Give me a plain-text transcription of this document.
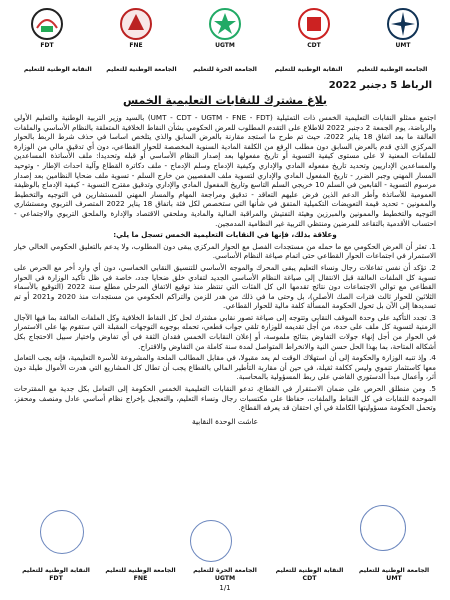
FDT	FNE	UGTM	CDT	UMT
الجامعة الوطنية للتعليم
النقابة الوطنية للتعليم
الجامعة الحرة للتعليم
الجامعة الوطنية للتعليم
النقابة الوطنية للتعليم
الرباط 5 دجنبر 2022
بلاغ مشترك للنقابات التعليمية الخمس

اجتمع ممثلو النقابات التعليمية الخمس ذات التمثيلية (UMT - CDT - UGTM - FNE - FDT) بالسيد وزير التربية الوطنية والتعليم الأولي والرياضة، يوم الجمعة 2 دجنبر 2022 للاطلاع على التقدم المطلوب للعرض الحكومي بشأن النقاط الخلافية المتعلقة بالنظام الأساسي والملفات العالقة ما بعد اتفاق 18 يناير 2022، حيث تم طرح ما استجد مقارنة بالعرض السابق والذي يتلخص اساسا في حذف شرط الربط بالحوار المركزي الذي قدم بالعرض السابق دون مطلب الرفع من الكلفة المادية السنوية المخصصة للحوار القطاعي، دون أي تدقيق مالي من الوزارة للملفات المعنية لا على مستوى كيفية التسوية أو تاريخ مفعولها بعد إصدار النظام الأساسي أو قبله وتحديدا: ملف الأساتذة المساعدين والمساعدين الإداريين وتحديد تاريخ مفعوله المادي والإداري وكيفية الإدماج وسلم الإدماج - ملف دكاترة القطاع وآلية احداث الإطار - وتوحيد المسار المهني وجبر الضرر - تاريخ المفعول المادي والإداري لتسوية ملف المقصيين من خارج السلم - تسوية ملف ضحايا النظامين بعد إصدار مرسوم التسوية - القابعين في السلم 10 خريجي السلم التاسع وتاريخ المفعول المادي والإداري وتدقيق مقترح التسوية - كيفية الإدماج بالوظيفة العمومية للأساتذة وأطر الدعم الذين فرض عليهم التعاقد - تدقيق ومراجعة المهام والمسار المهني للمستشارين في التوجيه والتخطيط والممونين - تحديد قيمة التعويضات التكميلية المتفق في شأنها التي ستخصص لكل فئة باتفاق 18 يناير 2022 المتصرف التربوي ومستشاري التوجيه والتخطيط والممونين والمبرزين وهيئة التفتيش والمراقبة المالية والمادية وملحقي الاقتصاد والإدارة والملحق التربوي والاجتماعي - احتساب الأقدمية بالتقاعد للمرضين ومنتظي التربية غير النظامية المدمجين.

وعلاقة بذلك، فإنها في النقابات التعليمية الخمس تسجل ما يلي:

1. تعثر أن العرض الحكومي مع ما حمله من مستجدات الفصل مع الحوار المركزي يبقى دون المطلوب، ولا يدعم بالتعليق الحكومي الخالي خيار الاستمرار في اجتماعات الحوار القطاعي حتى اتمام صياغة النظام الأساسي.

2. تؤكد أن نفس تفاعلات رجال ونساء التعليم يبقى المحرك والموجه الأساسي للتنسيق النقابي الخماسي، دون أي وارد أخر مع الحرص على تسوية كل الملفات العالقة قبل الانتقال إلى صياغة النظام الأساسي الجديد لتفادي خلق ضحايا جدد، خاصة في ظل تأكيد الوزارة في الحوار القطاعي مع توالي الاجتماعات دون نتائج تقدمها الى كل الفئات التي تنتظر منذ توقيع الاتفاق المرحلي مطلع سنة 2022 (التوقيع بالأسماء الثلاثين للحوار ثالث فترات الصك الأصلي)، بل وحتى ما في ذلك من هدر للزمن والتراكم الحكومي من مستجدات منذ 2020 و2021 أو تم تسديدها إلى الآن بل تحول الحكومة المسألة كلفة مالية للحوار القطاعي.

3. تجدد التأكيد على وحدة الموقف النقابي وتتوجه إلى صياغة تصور نقابي مشترك لحل كل النقاط الخلافية وكل الملفات العالقة بما فيها الآجال الزمنية لتسوية كل ملف على حدة، من أجل تقديمه للوزارة تلقي جواب قطعي، تحمله بوجوبه التوجهات المقبلة التي ستقوم بها على الاستمرار في الحوار من أجل إنهاء جولات التفاوض بنتائج ملموسة، أو إعلان النقابات الخمس فقدان الثقة في أي تفاوض واختيار سبيل الاحتجاج بكل أشكاله المتاحة، بما بهذا الحل حسن النية والانخراط المتواصل لمدة سنة كاملة من التفاوض والاقتراح.

4. وإذ تنبه الوزارة والحكومة إلى أن استهلاك الوقت لم يعد مقبولا، في مقابل المطالب الملحة والمشروعة للأسرة التعليمية، فإنه يجب التعامل معها كاستثمار تنموي وليس ككلفة ثقيلة، في حين أن مقاربة التأطير المالي بالقطاع يجب أن تطال كل المشاريع التي هدرت الأموال طيلة دون أثر، وأعمال مبدأ الدستوري القاضي على ربط المسؤولية بالمحاسبة.

5. ومن منطلق الحرص على ضمان الاستقرار في القطاع، تدعو النقابات التعليمية الخمس الحكومة إلى التعامل بكل جدية مع المقترحات الموحدة للنقابات في كل النقاط والملفات، حفاظا على مكتسبات رجال ونساء التعليم، والتعجيل بإخراج نظام أساسي عادل ومنصف ومحفز، وتحمل الحكومة مسؤوليتها الكاملة في أي احتقان قد يعرفه القطاع.

عاشت الوحدة النقابية
الجامعة الوطنية للتعليم
UMT
النقابة الوطنية للتعليم
CDT
الجامعة الحرة للتعليم
UGTM
الجامعة الوطنية للتعليم
FNE
النقابة الوطنية للتعليم
FDT
1/1
